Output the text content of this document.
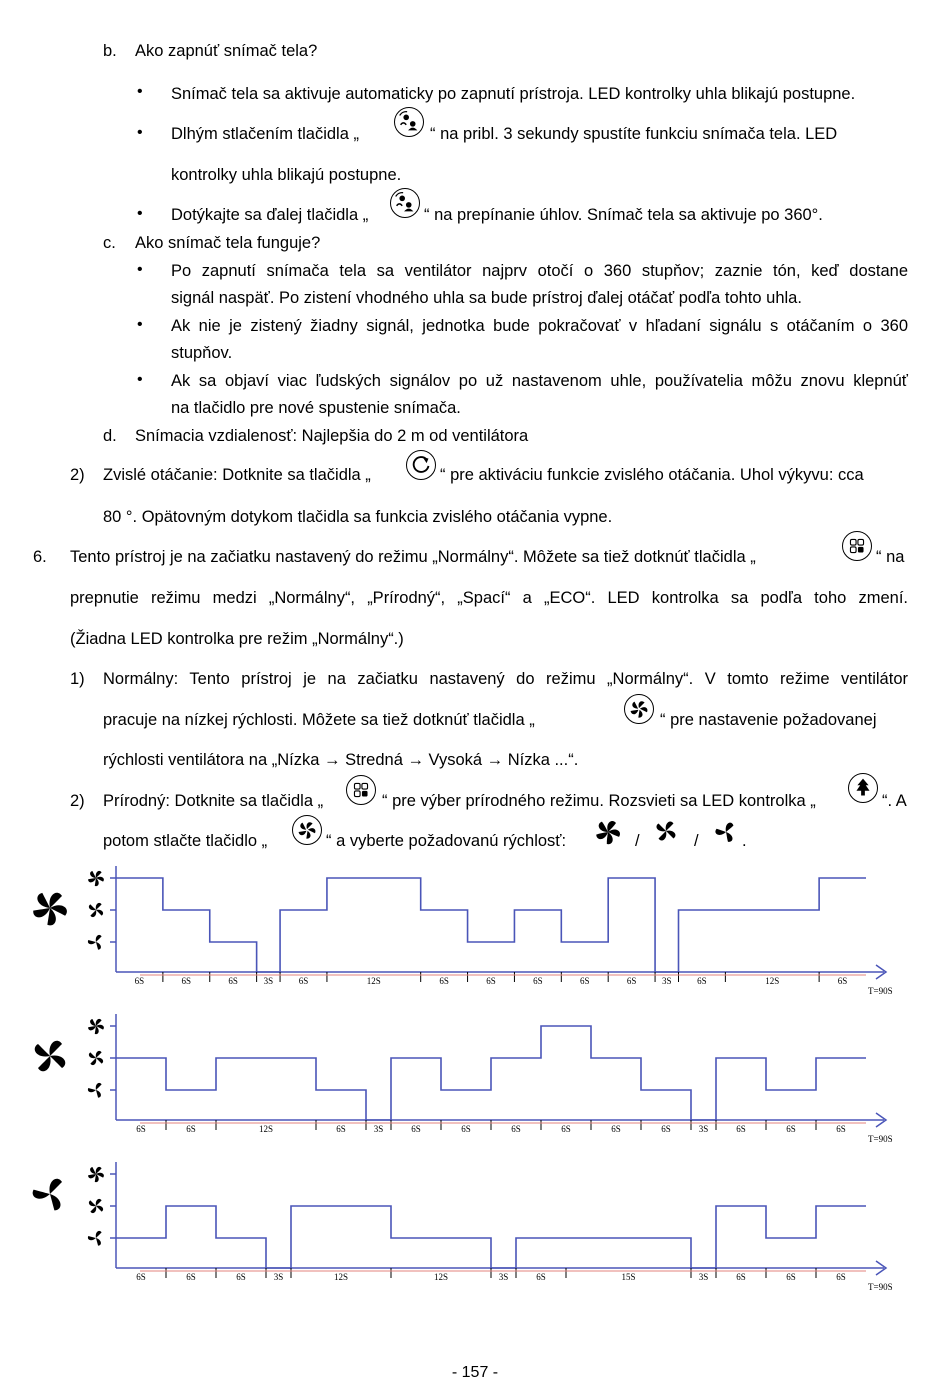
b. Ako zapnúť snímač tela?
• Snímač tela sa aktivuje automaticky po zapnutí prístroja. LED kontrolky uhla blikajú postupne.
• Dlhým stlačením tlačidla „	“ na pribl. 3 sekundy spustíte funkciu snímača tela. LED
kontrolky uhla blikajú postupne.
• Dotýkajte sa ďalej tlačidla „	“ na prepínanie úhlov. Snímač tela sa aktivuje po 360°.
c. Ako snímač tela funguje?
• Po zapnutí snímača tela sa ventilátor najprv otočí o 360 stupňov; zaznie tón, keď dostane
signál naspäť. Po zistení vhodného uhla sa bude prístroj ďalej otáčať podľa tohto uhla.
• Ak nie je zistený žiadny signál, jednotka bude pokračovať v hľadaní signálu s otáčaním o 360
stupňov.
• Ak sa objaví viac ľudských signálov po už nastavenom uhle, používatelia môžu znovu klepnúť
na tlačidlo pre nové spustenie snímača.
d. Snímacia vzdialenosť: Najlepšia do 2 m od ventilátora
2) Zvislé otáčanie: Dotknite sa tlačidla „	“ pre aktiváciu funkcie zvislého otáčania. Uhol výkyvu: cca
80 °. Opätovným dotykom tlačidla sa funkcia zvislého otáčania vypne.
6. Tento prístroj je na začiatku nastavený do režimu „Normálny“. Môžete sa tiež dotknúť tlačidla „	“ na
prepnutie režimu medzi „Normálny“, „Prírodný“, „Spací“ a „ECO“. LED kontrolka sa podľa toho zmení.
(Žiadna LED kontrolka pre režim „Normálny“.)
1) Normálny: Tento prístroj je na začiatku nastavený do režimu „Normálny“. V tomto režime ventilátor
pracuje na nízkej rýchlosti. Môžete sa tiež dotknúť tlačidla „	“ pre nastavenie požadovanej
rýchlosti ventilátora na „Nízka → Stredná → Vysoká → Nízka ...“.
2) Prírodný: Dotknite sa tlačidla „	“ pre výber prírodného režimu. Rozsvieti sa LED kontrolka „	“. A
potom stlačte tlačidlo „	“ a vyberte požadovanú rýchlosť:	/	/	.
6S	6S	6S	3S	6S	12S	6S	6S	6S	6S	6S	3S	6S	12S	6S
T=90S
6S	6S	12S	6S	3S	6S	6S	6S	6S	6S	6S	3S	6S	6S	6S
T=90S
6S	6S	6S	3S	12S	12S	3S	6S	15S	3S	6S	6S	6S
T=90S
- 157 -
